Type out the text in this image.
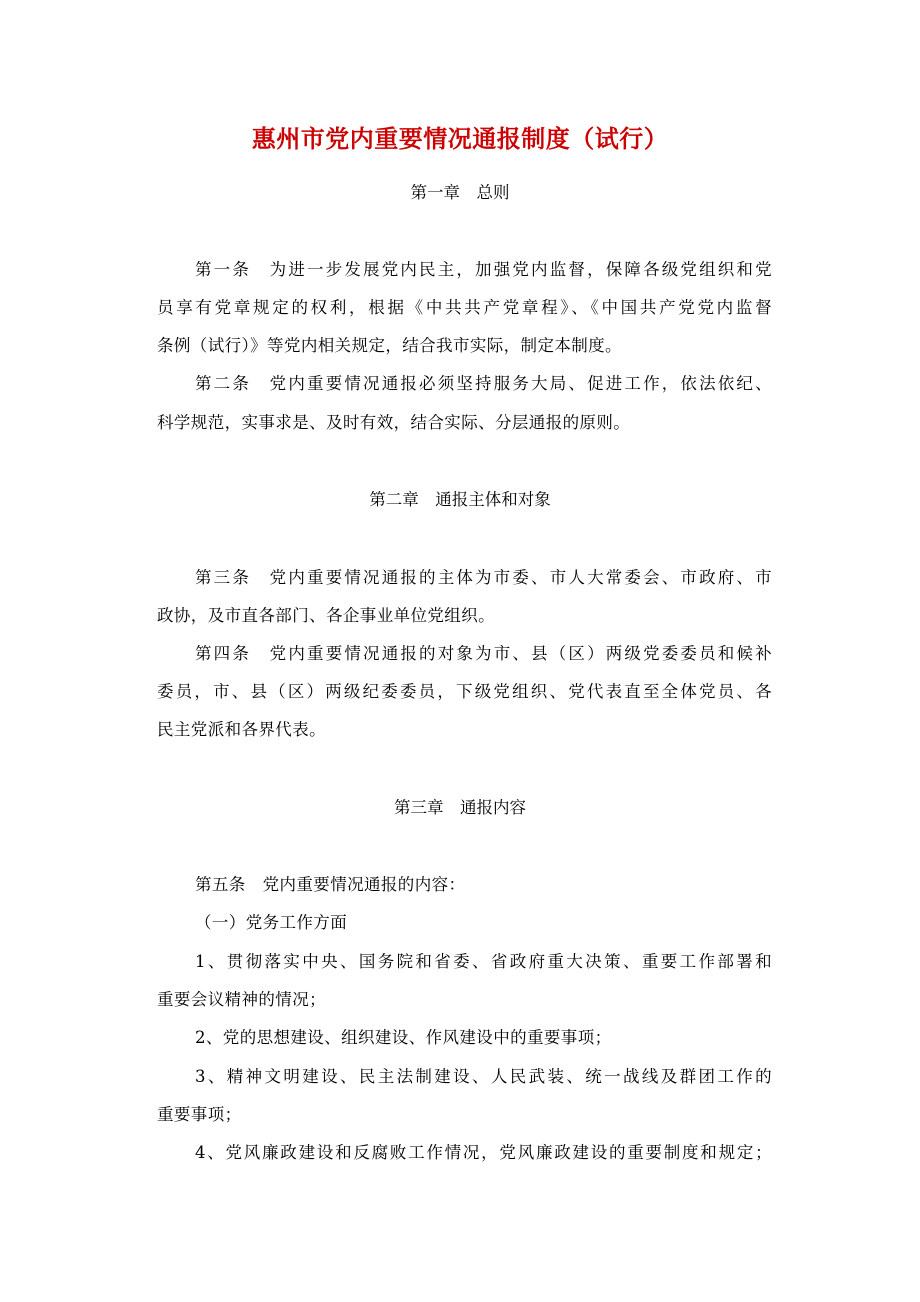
惠州市党内重要情况通报制度（试行）
第一章　总则
第一条　为进一步发展党内民主，加强党内监督，保障各级党组织和党
员享有党章规定的权利，根据《中共共产党章程》、《中国共产党党内监督
条例（试行）》等党内相关规定，结合我市实际，制定本制度。
第二条　党内重要情况通报必须坚持服务大局、促进工作，依法依纪、
科学规范，实事求是、及时有效，结合实际、分层通报的原则。
第二章　通报主体和对象
第三条　党内重要情况通报的主体为市委、市人大常委会、市政府、市
政协，及市直各部门、各企事业单位党组织。
第四条　党内重要情况通报的对象为市、县（区）两级党委委员和候补
委员，市、县（区）两级纪委委员，下级党组织、党代表直至全体党员、各
民主党派和各界代表。
第三章　通报内容
第五条　党内重要情况通报的内容：
（一）党务工作方面
1、贯彻落实中央、国务院和省委、省政府重大决策、重要工作部署和
重要会议精神的情况；
2、党的思想建设、组织建设、作风建设中的重要事项；
3、精神文明建设、民主法制建设、人民武装、统一战线及群团工作的
重要事项；
4、党风廉政建设和反腐败工作情况，党风廉政建设的重要制度和规定；
